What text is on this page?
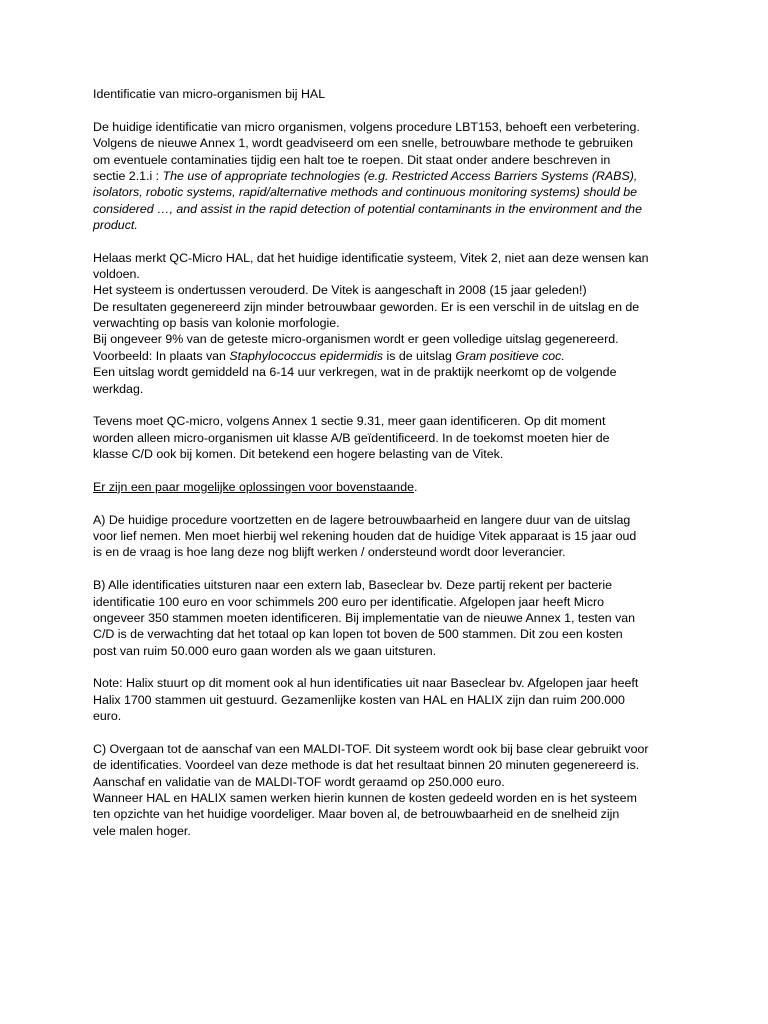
Identificatie van micro-organismen bij HAL

De huidige identificatie van micro organismen, volgens procedure LBT153, behoeft een verbetering.
Volgens de nieuwe Annex 1, wordt geadviseerd om een snelle, betrouwbare methode te gebruiken
om eventuele contaminaties tijdig een halt toe te roepen. Dit staat onder andere beschreven in
sectie 2.1.i : The use of appropriate technologies (e.g. Restricted Access Barriers Systems (RABS),
isolators, robotic systems, rapid/alternative methods and continuous monitoring systems) should be
considered …, and assist in the rapid detection of potential contaminants in the environment and the
product.

Helaas merkt QC-Micro HAL, dat het huidige identificatie systeem, Vitek 2, niet aan deze wensen kan
voldoen.
Het systeem is ondertussen verouderd. De Vitek is aangeschaft in 2008 (15 jaar geleden!)
De resultaten gegenereerd zijn minder betrouwbaar geworden. Er is een verschil in de uitslag en de
verwachting op basis van kolonie morfologie.
Bij ongeveer 9% van de geteste micro-organismen wordt er geen volledige uitslag gegenereerd.
Voorbeeld: In plaats van Staphylococcus epidermidis is de uitslag Gram positieve coc.
Een uitslag wordt gemiddeld na 6-14 uur verkregen, wat in de praktijk neerkomt op de volgende
werkdag.

Tevens moet QC-micro, volgens Annex 1 sectie 9.31, meer gaan identificeren. Op dit moment
worden alleen micro-organismen uit klasse A/B geïdentificeerd. In de toekomst moeten hier de
klasse C/D ook bij komen. Dit betekend een hogere belasting van de Vitek.

Er zijn een paar mogelijke oplossingen voor bovenstaande.

A) De huidige procedure voortzetten en de lagere betrouwbaarheid en langere duur van de uitslag
voor lief nemen. Men moet hierbij wel rekening houden dat de huidige Vitek apparaat is 15 jaar oud
is en de vraag is hoe lang deze nog blijft werken / ondersteund wordt door leverancier.

B) Alle identificaties uitsturen naar een extern lab, Baseclear bv. Deze partij rekent per bacterie
identificatie 100 euro en voor schimmels 200 euro per identificatie. Afgelopen jaar heeft Micro
ongeveer 350 stammen moeten identificeren. Bij implementatie van de nieuwe Annex 1, testen van
C/D is de verwachting dat het totaal op kan lopen tot boven de 500 stammen. Dit zou een kosten
post van ruim 50.000 euro gaan worden als we gaan uitsturen.

Note: Halix stuurt op dit moment ook al hun identificaties uit naar Baseclear bv. Afgelopen jaar heeft
Halix 1700 stammen uit gestuurd. Gezamenlijke kosten van HAL en HALIX zijn dan ruim 200.000
euro.

C) Overgaan tot de aanschaf van een MALDI-TOF. Dit systeem wordt ook bij base clear gebruikt voor
de identificaties. Voordeel van deze methode is dat het resultaat binnen 20 minuten gegenereerd is.
Aanschaf en validatie van de MALDI-TOF wordt geraamd op 250.000 euro.
Wanneer HAL en HALIX samen werken hierin kunnen de kosten gedeeld worden en is het systeem
ten opzichte van het huidige voordeliger. Maar boven al, de betrouwbaarheid en de snelheid zijn
vele malen hoger.
